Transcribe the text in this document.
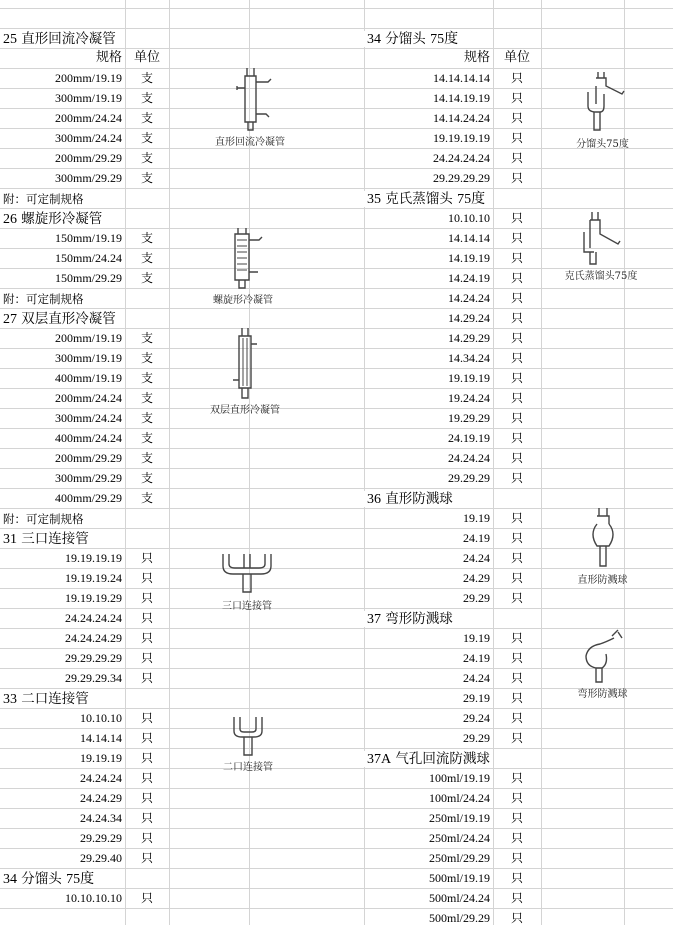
25 直形回流冷凝管
规格 单位
200mm/19.19	支
300mm/19.19	支
200mm/24.24	支
300mm/24.24	支
200mm/29.29	支
300mm/29.29	支
附：可定制规格
26 螺旋形冷凝管
150mm/19.19	支
150mm/24.24	支
150mm/29.29	支
附：可定制规格
27 双层直形冷凝管
200mm/19.19	支
300mm/19.19	支
400mm/19.19	支
200mm/24.24	支
300mm/24.24	支
400mm/24.24	支
200mm/29.29	支
300mm/29.29	支
400mm/29.29	支
附：可定制规格
31 三口连接管
19.19.19.19	只
19.19.19.24	只
19.19.19.29	只
24.24.24.24	只
24.24.24.29	只
29.29.29.29	只
29.29.29.34	只
33 二口连接管
10.10.10	只
14.14.14	只
19.19.19	只
24.24.24	只
24.24.29	只
24.24.34	只
29.29.29	只
29.29.40	只
34 分馏头 75度
10.10.10.10	只
34 分馏头 75度
规格	单位
14.14.14.14	只
14.14.19.19	只
14.14.24.24	只
19.19.19.19	只
24.24.24.24	只
29.29.29.29	只
35 克氏蒸馏头 75度
10.10.10	只
14.14.14	只
14.19.19	只
14.24.19	只
14.24.24	只
14.29.24	只
14.29.29	只
14.34.24	只
19.19.19	只
19.24.24	只
19.29.29	只
24.19.19	只
24.24.24	只
29.29.29	只
36 直形防溅球
19.19	只
24.19	只
24.24	只
24.29	只
29.29	只
37 弯形防溅球
19.19	只
24.19	只
24.24	只
29.19	只
29.24	只
29.29	只
37A 气孔回流防溅球
100ml/19.19	只
100ml/24.24	只
250ml/19.19	只
250ml/24.24	只
250ml/29.29	只
500ml/19.19	只
500ml/24.24	只
500ml/29.29	只
直形回流冷凝管
螺旋形冷凝管
双层直形冷凝管
三口连接管
二口连接管
分馏头75度
克氏蒸馏头75度
直形防溅球
弯形防溅球
